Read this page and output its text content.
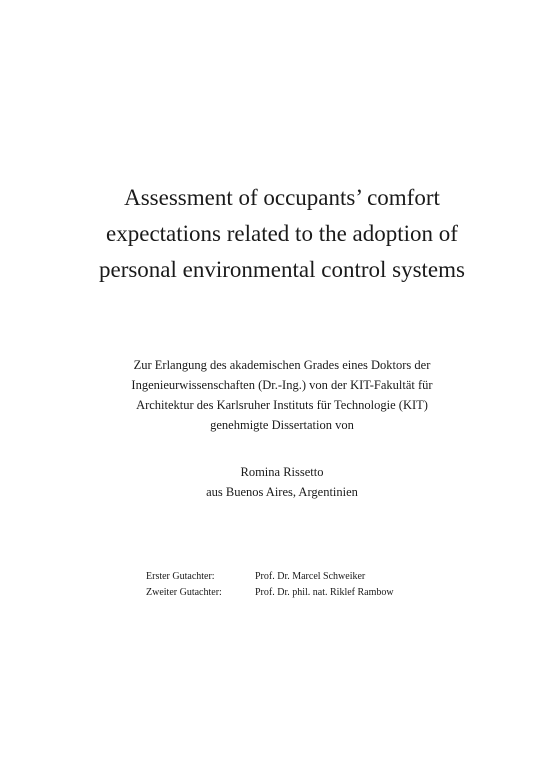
Assessment of occupants’ comfort
expectations related to the adoption of
personal environmental control systems

Zur Erlangung des akademischen Grades eines Doktors der
Ingenieurwissenschaften (Dr.-Ing.) von der KIT-Fakultät für
Architektur des Karlsruher Instituts für Technologie (KIT)
genehmigte Dissertation von

Romina Rissetto
aus Buenos Aires, Argentinien

Erster Gutachter:	Prof. Dr. Marcel Schweiker
Zweiter Gutachter:	Prof. Dr. phil. nat. Riklef Rambow
